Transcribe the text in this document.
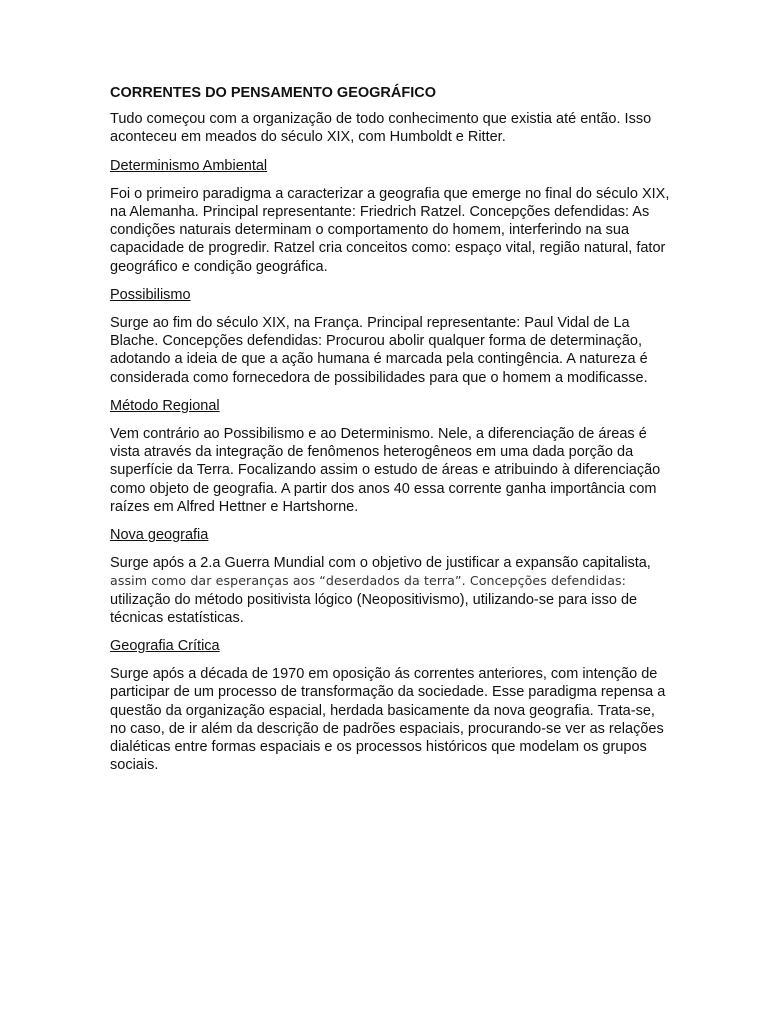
CORRENTES DO PENSAMENTO GEOGRÁFICO
Tudo começou com a organização de todo conhecimento que existia até então. Isso
aconteceu em meados do século XIX, com Humboldt e Ritter.
Determinismo Ambiental
Foi o primeiro paradigma a caracterizar a geografia que emerge no final do século XIX,
na Alemanha. Principal representante: Friedrich Ratzel. Concepções defendidas: As
condições naturais determinam o comportamento do homem, interferindo na sua
capacidade de progredir. Ratzel cria conceitos como: espaço vital, região natural, fator
geográfico e condição geográfica.
Possibilismo
Surge ao fim do século XIX, na França. Principal representante: Paul Vidal de La
Blache. Concepções defendidas: Procurou abolir qualquer forma de determinação,
adotando a ideia de que a ação humana é marcada pela contingência. A natureza é
considerada como fornecedora de possibilidades para que o homem a modificasse.
Método Regional
Vem contrário ao Possibilismo e ao Determinismo. Nele, a diferenciação de áreas é
vista através da integração de fenômenos heterogêneos em uma dada porção da
superfície da Terra. Focalizando assim o estudo de áreas e atribuindo à diferenciação
como objeto de geografia. A partir dos anos 40 essa corrente ganha importância com
raízes em Alfred Hettner e Hartshorne.
Nova geografia
Surge após a 2.a Guerra Mundial com o objetivo de justificar a expansão capitalista,
assim como dar esperanças aos “deserdados da terra”. Concepções defendidas:
utilização do método positivista lógico (Neopositivismo), utilizando-se para isso de
técnicas estatísticas.
Geografia Crítica
Surge após a década de 1970 em oposição ás correntes anteriores, com intenção de
participar de um processo de transformação da sociedade. Esse paradigma repensa a
questão da organização espacial, herdada basicamente da nova geografia. Trata-se,
no caso, de ir além da descrição de padrões espaciais, procurando-se ver as relações
dialéticas entre formas espaciais e os processos históricos que modelam os grupos
sociais.
